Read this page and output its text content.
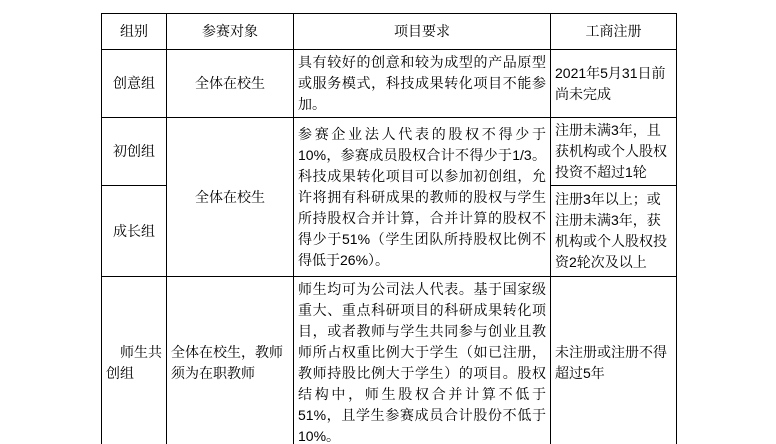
组别	参赛对象	项目要求	工商注册
创意组	全体在校生	具有较好的创意和较为成型的产品原型或服务模式，科技成果转化项目不能参加。	2021年5月31日前尚未完成
初创组	全体在校生	参赛企业法人代表的股权不得少于10%，参赛成员股权合计不得少于1/3。科技成果转化项目可以参加初创组，允许将拥有科研成果的教师的股权与学生所持股权合并计算，合并计算的股权不得少于51%（学生团队所持股权比例不得低于26%）。	注册未满3年，且获机构或个人股权投资不超过1轮
成长组			注册3年以上；或注册未满3年，获机构或个人股权投资2轮次及以上
师生共创组	全体在校生，教师须为在职教师	师生均可为公司法人代表。基于国家级重大、重点科研项目的科研成果转化项目，或者教师与学生共同参与创业且教师所占权重比例大于学生（如已注册，教师持股比例大于学生）的项目。股权结构中，师生股权合并计算不低于51%，且学生参赛成员合计股份不低于10%。	未注册或注册不得超过5年
